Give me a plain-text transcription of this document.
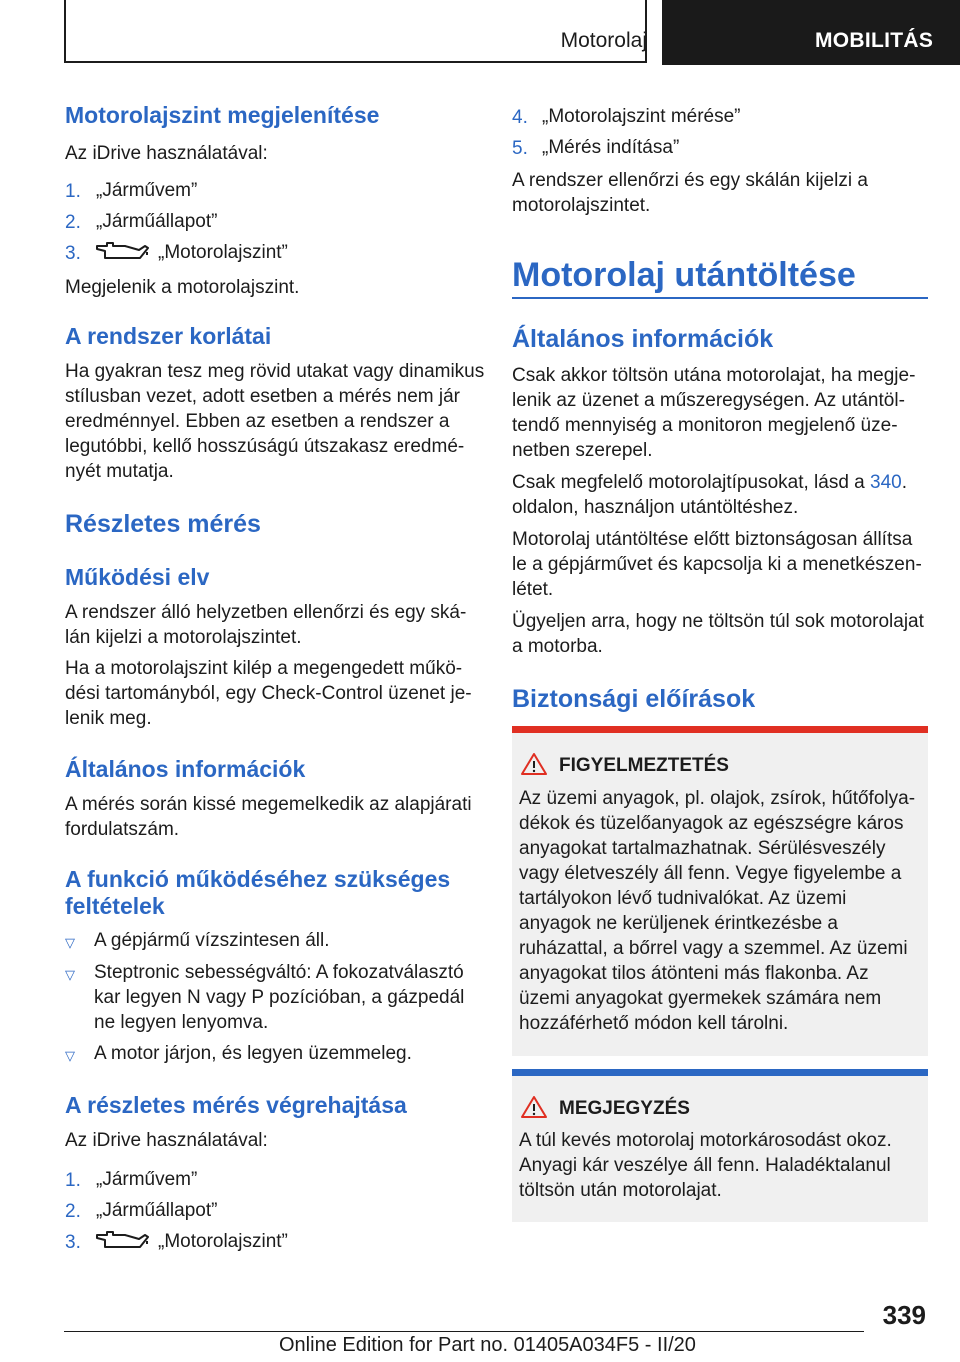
Motorolaj	MOBILITÁS
Motorolajszint megjelenítése

Az iDrive használatával:

1. „Járművem”
2. „Járműállapot”
3.	„Motorolajszint”

Megjelenik a motorolajszint.

A rendszer korlátai

Ha gyakran tesz meg rövid utakat vagy dinamikus stílusban vezet, adott esetben a mérés nem jár eredménnyel. Ebben az esetben a rendszer a legutóbbi, kellő hosszúságú útszakasz eredményét mutatja.

Részletes mérés
Működési elv

A rendszer álló helyzetben ellenőrzi és egy skálán kijelzi a motorolajszintet.

Ha a motorolajszint kilép a megengedett működési tartományból, egy Check-Control üzenet jelenik meg.

Általános információk

A mérés során kissé megemelkedik az alapjárati fordulatszám.

A funkció működéséhez szükséges feltételek
▽ A gépjármű vízszintesen áll.
▽ Steptronic sebességváltó: A fokozatválasztó kar legyen N vagy P pozícióban, a gázpedál ne legyen lenyomva.
▽ A motor járjon, és legyen üzemmeleg.
A részletes mérés végrehajtása

Az iDrive használatával:

1. „Járművem”
2. „Járműállapot”
3.	„Motorolajszint”
4. „Motorolajszint mérése”
5. „Mérés indítása”

A rendszer ellenőrzi és egy skálán kijelzi a motorolajszintet.

Motorolaj utántöltése
Általános információk

Csak akkor töltsön utána motorolajat, ha megjelenik az üzenet a műszeregységen. Az utántöltendő mennyiség a monitoron megjelenő üzenetben szerepel.

Csak megfelelő motorolajtípusokat, lásd a 340. oldalon, használjon utántöltéshez.

Motorolaj utántöltése előtt biztonságosan állítsa le a gépjárművet és kapcsolja ki a menetkészenlétet.

Ügyeljen arra, hogy ne töltsön túl sok motorolajat a motorba.

Biztonsági előírások
FIGYELMEZTETÉS
Az üzemi anyagok, pl. olajok, zsírok, hűtőfolyadékok és tüzelőanyagok az egészségre káros anyagokat tartalmazhatnak. Sérülésveszély vagy életveszély áll fenn. Vegye figyelembe a tartályokon lévő tudnivalókat. Az üzemi anyagok ne kerüljenek érintkezésbe a ruházattal, a bőrrel vagy a szemmel. Az üzemi anyagokat tilos átönteni más flakonba. Az üzemi anyagokat gyermekek számára nem hozzáférhető módon kell tárolni.
MEGJEGYZÉS
A túl kevés motorolaj motorkárosodást okoz. Anyagi kár veszélye áll fenn. Haladéktalanul töltsön után motorolajat.
339
Online Edition for Part no. 01405A034F5 - II/20
